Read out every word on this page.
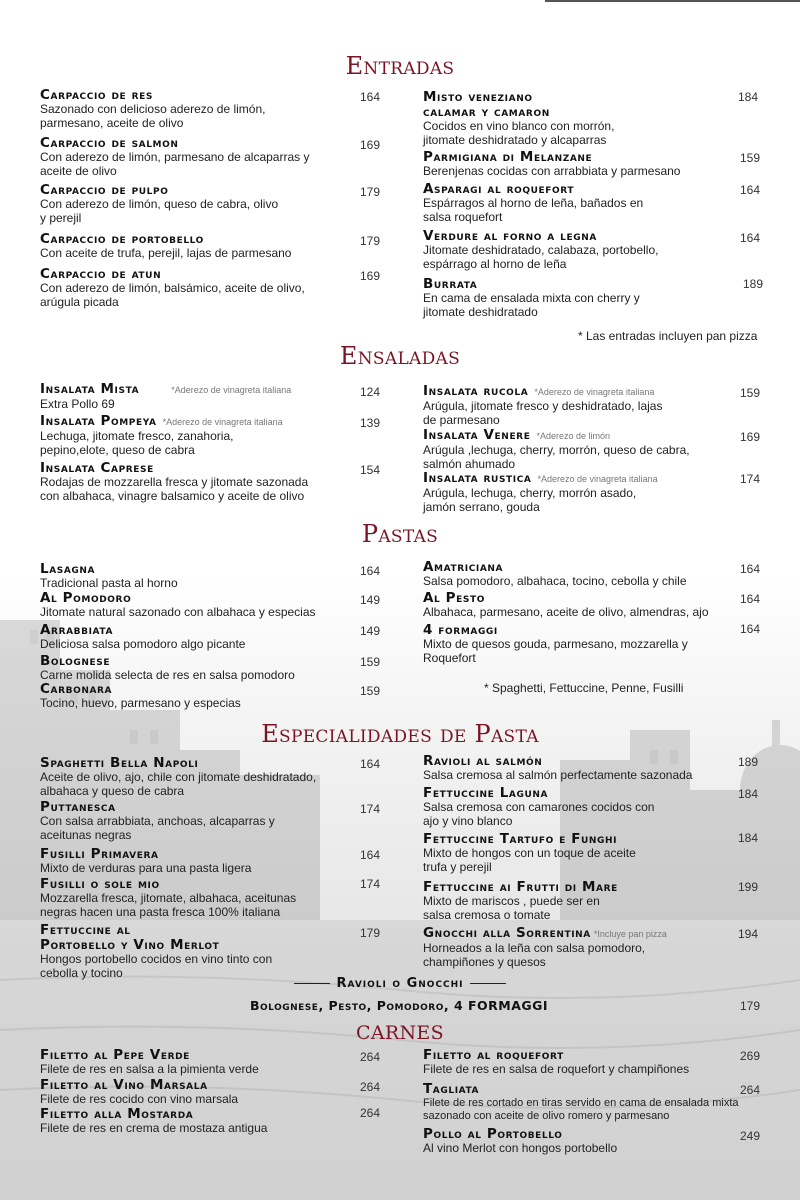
Entradas
Carpaccio de res
Sazonado con delicioso aderezo de limón, parmesano, aceite de olivo
164
Carpaccio de salmon
Con aderezo de limón, parmesano de alcaparras y aceite de olivo
169
Carpaccio de pulpo
Con aderezo de limón, queso de cabra, olivo y perejil
179
Carpaccio de portobello
Con aceite de trufa, perejil, lajas de parmesano
179
Carpaccio de atun
Con aderezo de limón, balsámico, aceite de olivo, arúgula picada
169
Misto veneziano
calamar y camaron
Cocidos en vino blanco con morrón, jitomate deshidratado y alcaparras
184
Parmigiana di Melanzane
Berenjenas cocidas con arrabbiata y parmesano
159
Asparagi al roquefort
Espárragos al horno de leña, bañados en salsa roquefort
164
Verdure al forno a legna
Jitomate deshidratado, calabaza, portobello, espárrago al horno de leña
164
Burrata
En cama de ensalada mixta con cherry y jitomate deshidratado
189
* Las entradas incluyen pan pizza
Ensaladas
Insalata Mista	*Aderezo de vinagreta italiana
Extra Pollo 69
124
Insalata Pompeya *Aderezo de vinagreta italiana
Lechuga, jitomate fresco, zanahoria, pepino,elote, queso de cabra
139
Insalata Caprese
Rodajas de mozzarella fresca y jitomate sazonada con albahaca, vinagre balsamico y aceite de olivo
154
Insalata rucola *Aderezo de vinagreta italiana
Arúgula, jitomate fresco y deshidratado, lajas de parmesano
159
Insalata Venere *Aderezo de limón
Arúgula ,lechuga, cherry, morrón, queso de cabra, salmón ahumado
169
Insalata rustica *Aderezo de vinagreta italiana
Arúgula, lechuga, cherry, morrón asado, jamón serrano, gouda
174
Pastas
Lasagna
Tradicional pasta al horno
164
Al Pomodoro
Jitomate natural sazonado con albahaca y especias
149
Arrabbiata
Deliciosa salsa pomodoro algo picante
149
Bolognese
Carne molida selecta de res en salsa pomodoro
159
Carbonara
Tocino, huevo, parmesano y especias
159
Amatriciana
Salsa pomodoro, albahaca, tocino, cebolla y chile
164
Al Pesto
Albahaca, parmesano, aceite de olivo, almendras, ajo
164
4 formaggi
Mixto de quesos gouda, parmesano, mozzarella y Roquefort
164
* Spaghetti, Fettuccine, Penne, Fusilli
Especialidades de Pasta
Spaghetti Bella Napoli
Aceite de olivo, ajo, chile con jitomate deshidratado, albahaca y queso de cabra
164
Puttanesca
Con salsa arrabbiata, anchoas, alcaparras y aceitunas negras
174
Fusilli Primavera
Mixto de verduras para una pasta ligera
164
Fusilli o sole mio
Mozzarella fresca, jitomate, albahaca, aceitunas negras hacen una pasta fresca 100% italiana
174
Fettuccine al
Portobello y Vino Merlot
Hongos portobello cocidos en vino tinto con cebolla y tocino
179
Ravioli al salmón
Salsa cremosa al salmón perfectamente sazonada
189
Fettuccine Laguna
Salsa cremosa con camarones cocidos con ajo y vino blanco
184
Fettuccine Tartufo e Funghi
Mixto de hongos con un toque de aceite trufa y perejil
184
Fettuccine ai Frutti di Mare
Mixto de mariscos , puede ser en salsa cremosa o tomate
199
Gnocchi alla Sorrentina *Incluye pan pizza
Horneados a la leña con salsa pomodoro, champiñones y quesos
194
Ravioli o Gnocchi
Bolognese, Pesto, Pomodoro, 4 FORMAGGI	179
CARNES
Filetto al Pepe Verde
Filete de res en salsa a la pimienta verde
264
Filetto al Vino Marsala
Filete de res cocido con vino marsala
264
Filetto alla Mostarda
Filete de res en crema de mostaza antigua
264
Filetto al roquefort
Filete de res en salsa de roquefort y champiñones
269
Tagliata
Filete de res cortado en tiras servido en cama de ensalada mixta sazonado con aceite de olivo romero y parmesano
264
Pollo al Portobello
Al vino Merlot con hongos portobello
249
